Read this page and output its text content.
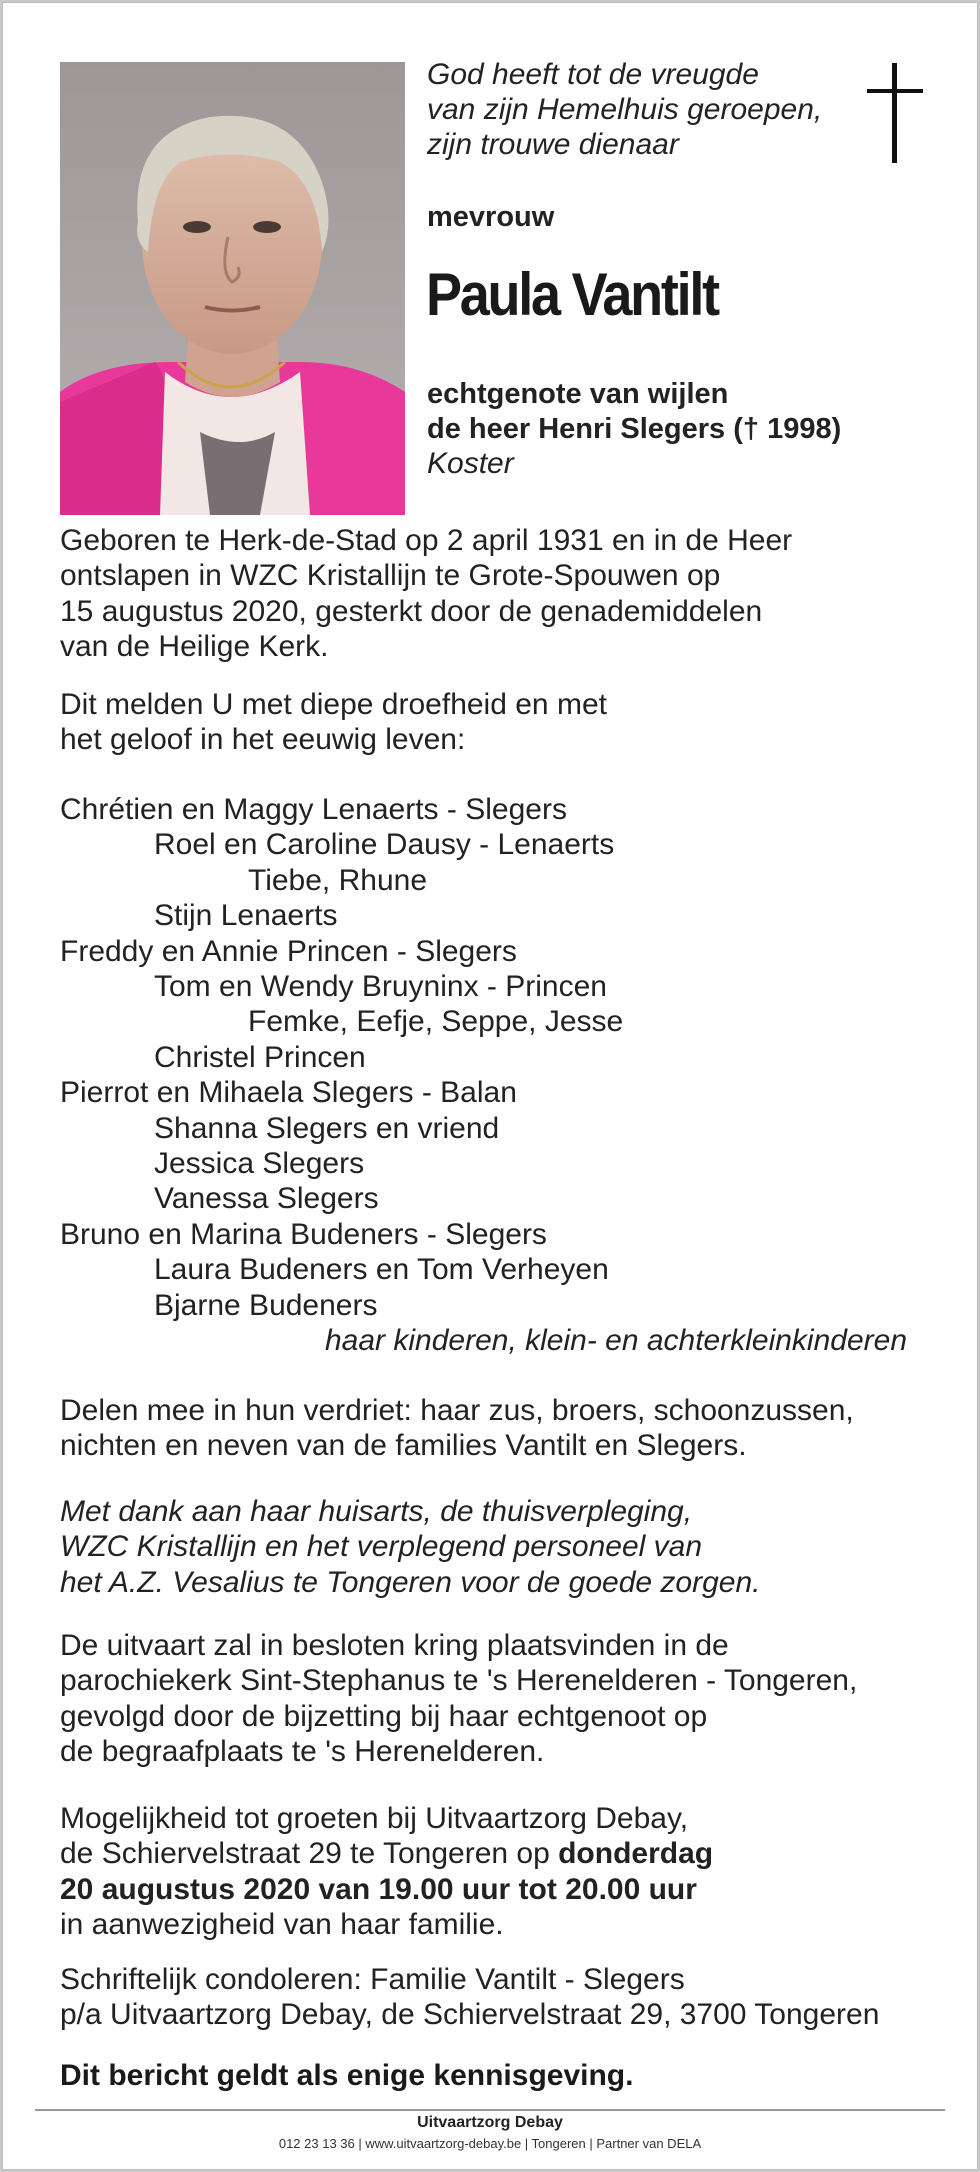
God heeft tot de vreugde
van zijn Hemelhuis geroepen,
zijn trouwe dienaar
mevrouw
Paula Vantilt
echtgenote van wijlen
de heer Henri Slegers († 1998)
Koster
Geboren te Herk-de-Stad op 2 april 1931 en in de Heer
ontslapen in WZC Kristallijn te Grote-Spouwen op
15 augustus 2020, gesterkt door de genademiddelen
van de Heilige Kerk.
Dit melden U met diepe droefheid en met
het geloof in het eeuwig leven:
Chrétien en Maggy Lenaerts - Slegers
Roel en Caroline Dausy - Lenaerts
Tiebe, Rhune
Stijn Lenaerts
Freddy en Annie Princen - Slegers
Tom en Wendy Bruyninx - Princen
Femke, Eefje, Seppe, Jesse
Christel Princen
Pierrot en Mihaela Slegers - Balan
Shanna Slegers en vriend
Jessica Slegers
Vanessa Slegers
Bruno en Marina Budeners - Slegers
Laura Budeners en Tom Verheyen
Bjarne Budeners
haar kinderen, klein- en achterkleinkinderen
Delen mee in hun verdriet: haar zus, broers, schoonzussen,
nichten en neven van de families Vantilt en Slegers.
Met dank aan haar huisarts, de thuisverpleging,
WZC Kristallijn en het verplegend personeel van
het A.Z. Vesalius te Tongeren voor de goede zorgen.
De uitvaart zal in besloten kring plaatsvinden in de
parochiekerk Sint-Stephanus te 's Herenelderen - Tongeren,
gevolgd door de bijzetting bij haar echtgenoot op
de begraafplaats te 's Herenelderen.
Mogelijkheid tot groeten bij Uitvaartzorg Debay,
de Schiervelstraat 29 te Tongeren op donderdag
20 augustus 2020 van 19.00 uur tot 20.00 uur
in aanwezigheid van haar familie.
Schriftelijk condoleren: Familie Vantilt - Slegers
p/a Uitvaartzorg Debay, de Schiervelstraat 29, 3700 Tongeren
Dit bericht geldt als enige kennisgeving.
Uitvaartzorg Debay
012 23 13 36 | www.uitvaartzorg-debay.be | Tongeren | Partner van DELA
